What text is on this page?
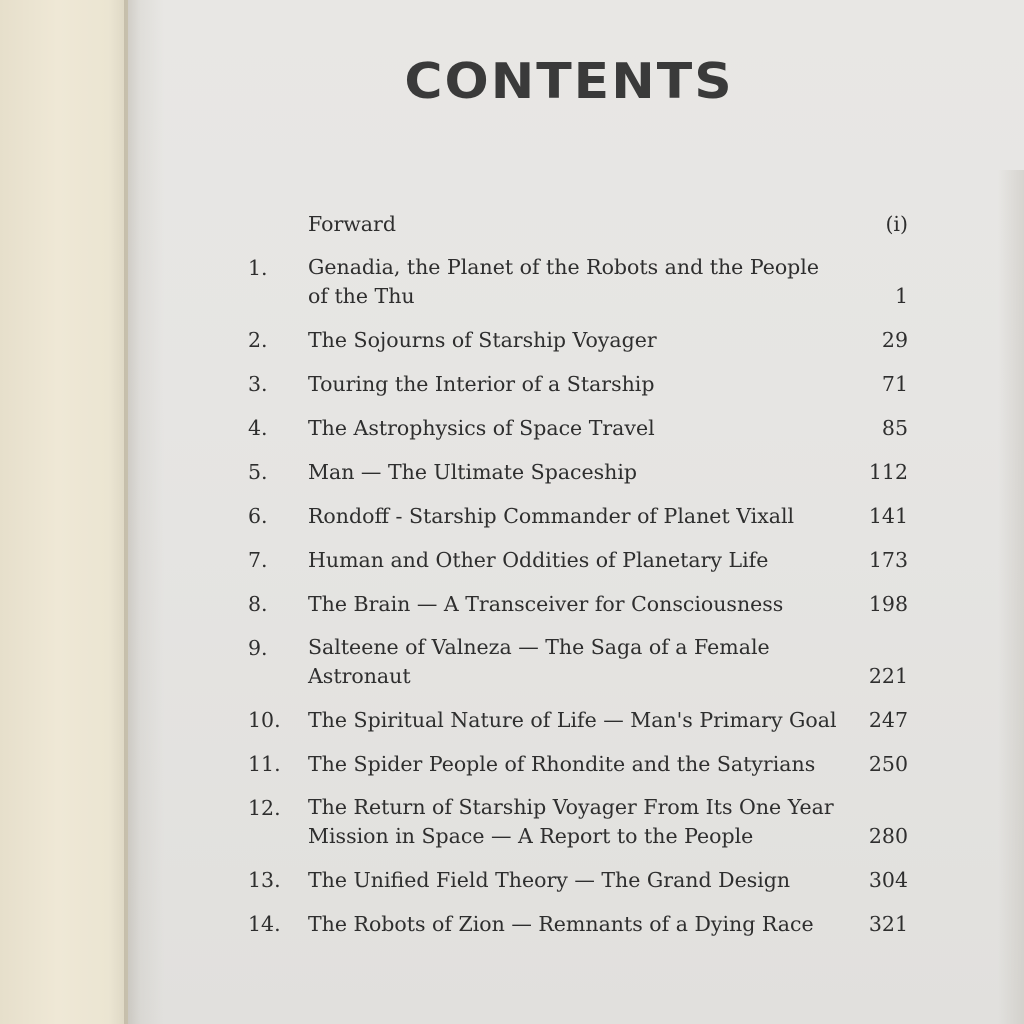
CONTENTS
Forward	(i)
1.	Genadia, the Planet of the Robots and the People of the Thu	1
2.	The Sojourns of Starship Voyager	29
3.	Touring the Interior of a Starship	71
4.	The Astrophysics of Space Travel	85
5.	Man — The Ultimate Spaceship	112
6.	Rondoff - Starship Commander of Planet Vixall	141
7.	Human and Other Oddities of Planetary Life	173
8.	The Brain — A Transceiver for Consciousness	198
9.	Salteene of Valneza — The Saga of a Female Astronaut	221
10.	The Spiritual Nature of Life — Man's Primary Goal	247
11.	The Spider People of Rhondite and the Satyrians	250
12.	The Return of Starship Voyager From Its One Year Mission in Space — A Report to the People	280
13.	The Unified Field Theory — The Grand Design	304
14.	The Robots of Zion — Remnants of a Dying Race	321
